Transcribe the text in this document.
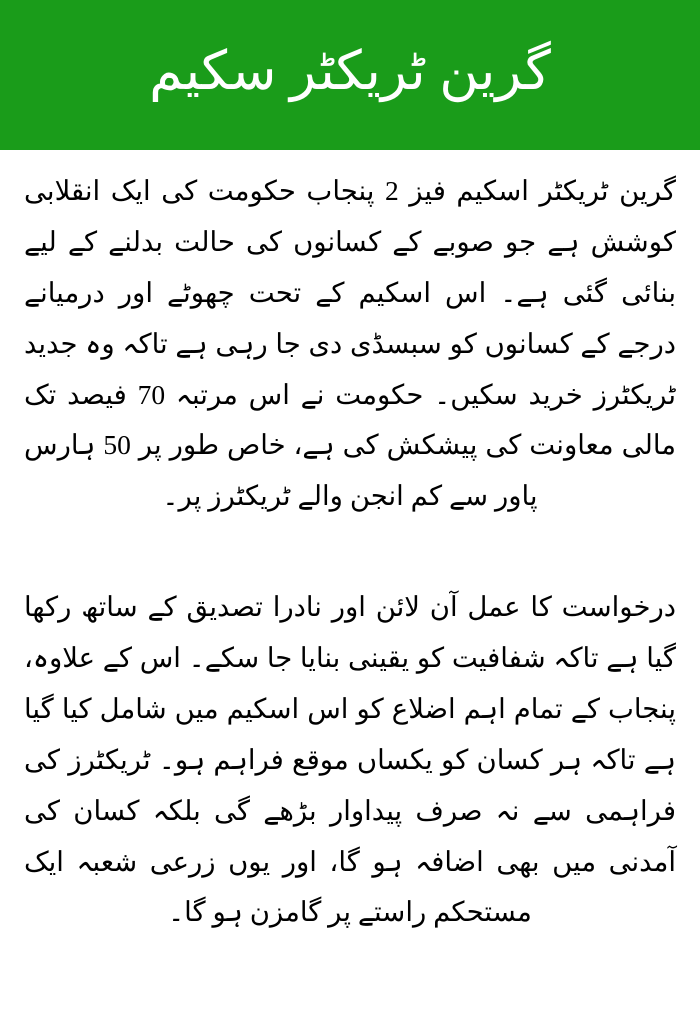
گرین ٹریکٹر سکیم

گرین ٹریکٹر اسکیم فیز 2 پنجاب حکومت کی ایک انقلابی کوشش ہے جو صوبے کے کسانوں کی حالت بدلنے کے لیے بنائی گئی ہے۔ اس اسکیم کے تحت چھوٹے اور درمیانے درجے کے کسانوں کو سبسڈی دی جا رہی ہے تاکہ وہ جدید ٹریکٹرز خرید سکیں۔ حکومت نے اس مرتبہ 70 فیصد تک مالی معاونت کی پیشکش کی ہے، خاص طور پر 50 ہارس پاور سے کم انجن والے ٹریکٹرز پر۔

درخواست کا عمل آن لائن اور نادرا تصدیق کے ساتھ رکھا گیا ہے تاکہ شفافیت کو یقینی بنایا جا سکے۔ اس کے علاوہ، پنجاب کے تمام اہم اضلاع کو اس اسکیم میں شامل کیا گیا ہے تاکہ ہر کسان کو یکساں موقع فراہم ہو۔ ٹریکٹرز کی فراہمی سے نہ صرف پیداوار بڑھے گی بلکہ کسان کی آمدنی میں بھی اضافہ ہو گا، اور یوں زرعی شعبہ ایک مستحکم راستے پر گامزن ہو گا۔
